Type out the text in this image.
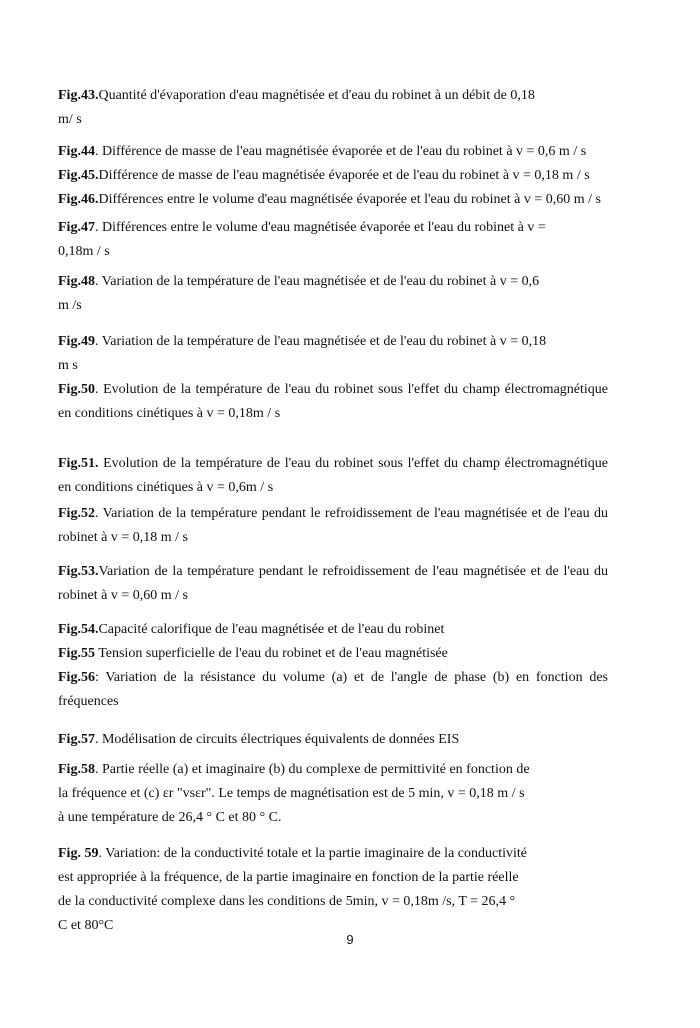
Fig.43.Quantité d'évaporation d'eau magnétisée et d'eau du robinet à un débit de 0,18
m/ s
Fig.44. Différence de masse de l'eau magnétisée évaporée et de l'eau du robinet à v = 0,6 m / s
Fig.45.Différence de masse de l'eau magnétisée évaporée et de l'eau du robinet à v = 0,18 m / s
Fig.46.Différences entre le volume d'eau magnétisée évaporée et l'eau du robinet à v = 0,60 m / s
Fig.47. Différences entre le volume d'eau magnétisée évaporée et l'eau du robinet à v =
0,18m / s
Fig.48. Variation de la température de l'eau magnétisée et de l'eau du robinet à v = 0,6
m /s
Fig.49. Variation de la température de l'eau magnétisée et de l'eau du robinet à v = 0,18
m s
Fig.50. Evolution de la température de l'eau du robinet sous l'effet du champ électromagnétique
en conditions cinétiques à v = 0,18m / s
Fig.51. Evolution de la température de l'eau du robinet sous l'effet du champ électromagnétique
en conditions cinétiques à v = 0,6m / s
Fig.52. Variation de la température pendant le refroidissement de l'eau magnétisée et de l'eau du
robinet à v = 0,18 m / s
Fig.53.Variation de la température pendant le refroidissement de l'eau magnétisée et de l'eau du
robinet à v = 0,60 m / s
Fig.54.Capacité calorifique de l'eau magnétisée et de l'eau du robinet
Fig.55 Tension superficielle de l'eau du robinet et de l'eau magnétisée
Fig.56: Variation de la résistance du volume (a) et de l'angle de phase (b) en fonction des
fréquences
Fig.57. Modélisation de circuits électriques équivalents de données EIS
Fig.58. Partie réelle (a) et imaginaire (b) du complexe de permittivité en fonction de
la fréquence et (c) εr "vsεr". Le temps de magnétisation est de 5 min, v = 0,18 m / s
à une température de 26,4 ° C et 80 ° C.
Fig. 59. Variation: de la conductivité totale et la partie imaginaire de la conductivité
est appropriée à la fréquence, de la partie imaginaire en fonction de la partie réelle
de la conductivité complexe dans les conditions de 5min, v = 0,18m /s, T = 26,4 °
C et 80°C
9
